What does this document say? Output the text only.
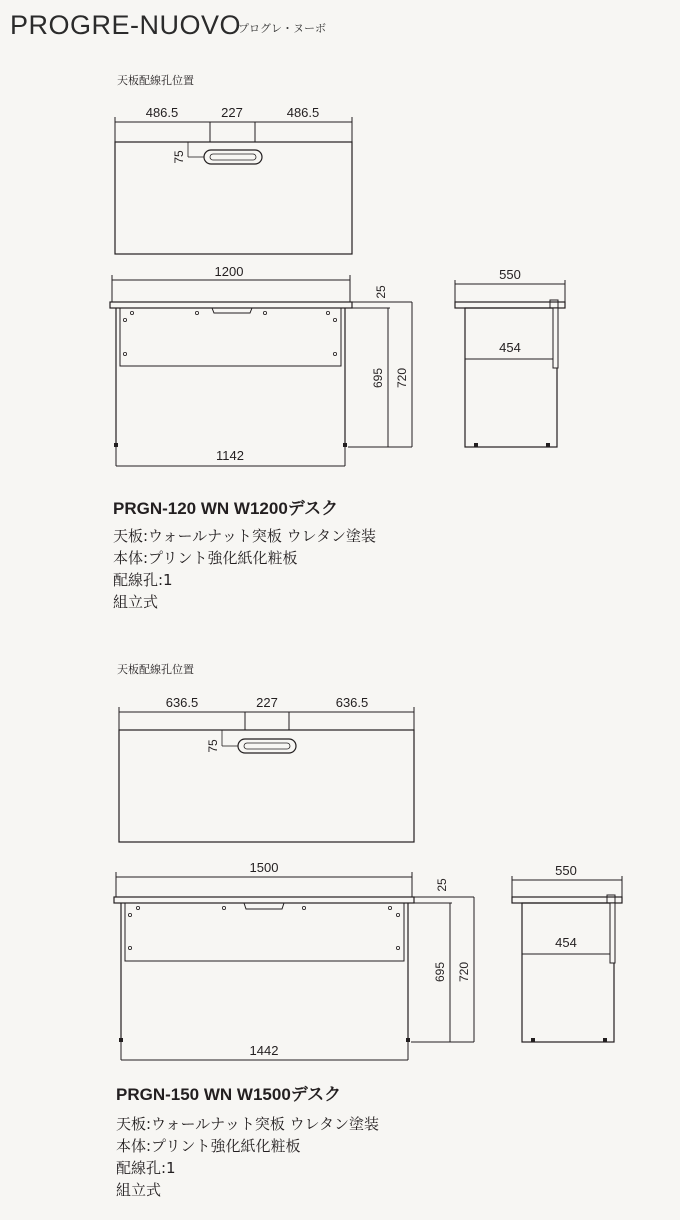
PROGRE-NUOVO
プログレ・ヌーボ
天板配線孔位置
486.5	227	486.5
75
1200
1142
25
695 720
550
454
PRGN-120 WN W1200デスク
天板:ウォールナット突板 ウレタン塗装
本体:プリント強化紙化粧板
配線孔:1
組立式
天板配線孔位置
636.5	227	636.5
75
1500
1442
25
695 720
550
454
PRGN-150 WN W1500デスク
天板:ウォールナット突板 ウレタン塗装
本体:プリント強化紙化粧板
配線孔:1
組立式
